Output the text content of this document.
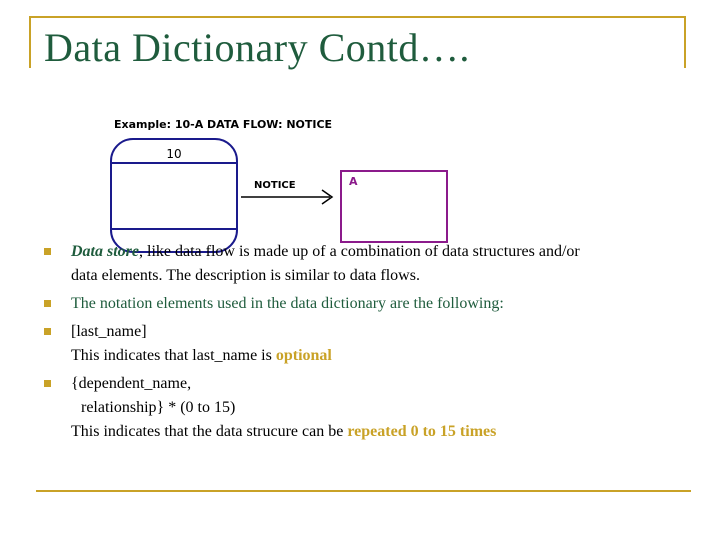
Data Dictionary Contd….
Example: 10-A DATA FLOW: NOTICE
10
NOTICE	A
Data store, like data flow is made up of a combination of data structures and/or
data elements. The description is similar to data flows.
The notation elements used in the data dictionary are the following:
[last_name]
This indicates that last_name is optional
{dependent_name,
relationship} * (0 to 15)
This indicates that the data strucure can be repeated 0 to 15 times
